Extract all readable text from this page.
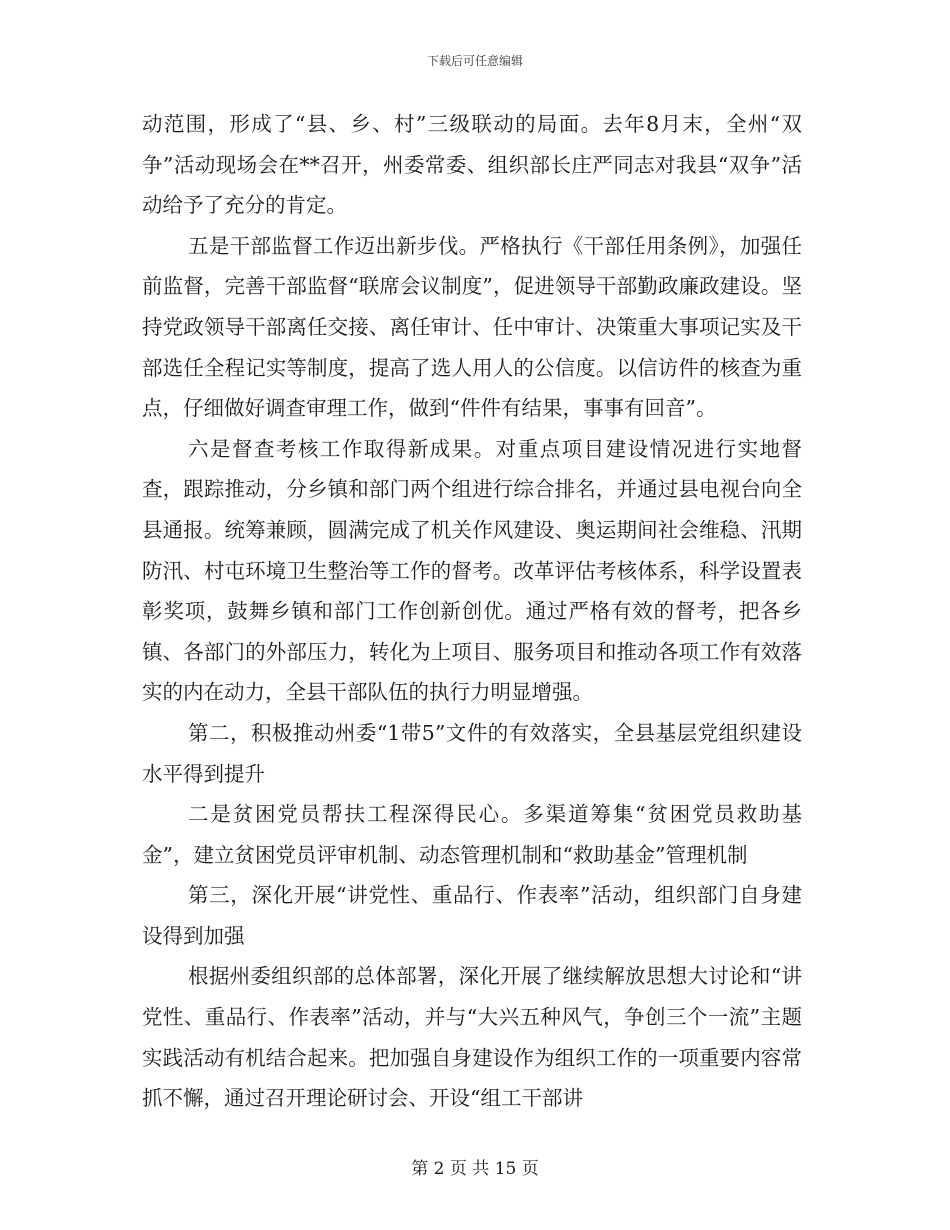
下载后可任意编辑

动范围，形成了“县、乡、村”三级联动的局面。去年8月末，全州“双争”活动现场会在**召开，州委常委、组织部长庄严同志对我县“双争”活动给予了充分的肯定。

五是干部监督工作迈出新步伐。严格执行《干部任用条例》，加强任前监督，完善干部监督“联席会议制度”，促进领导干部勤政廉政建设。坚持党政领导干部离任交接、离任审计、任中审计、决策重大事项记实及干部选任全程记实等制度，提高了选人用人的公信度。以信访件的核查为重点，仔细做好调查审理工作，做到“件件有结果，事事有回音”。

六是督查考核工作取得新成果。对重点项目建设情况进行实地督查，跟踪推动，分乡镇和部门两个组进行综合排名，并通过县电视台向全县通报。统筹兼顾，圆满完成了机关作风建设、奥运期间社会维稳、汛期防汛、村屯环境卫生整治等工作的督考。改革评估考核体系，科学设置表彰奖项，鼓舞乡镇和部门工作创新创优。通过严格有效的督考，把各乡镇、各部门的外部压力，转化为上项目、服务项目和推动各项工作有效落实的内在动力，全县干部队伍的执行力明显增强。

第二，积极推动州委“1带5”文件的有效落实，全县基层党组织建设水平得到提升

二是贫困党员帮扶工程深得民心。多渠道筹集“贫困党员救助基金”，建立贫困党员评审机制、动态管理机制和“救助基金”管理机制

第三，深化开展“讲党性、重品行、作表率”活动，组织部门自身建设得到加强

根据州委组织部的总体部署，深化开展了继续解放思想大讨论和“讲党性、重品行、作表率”活动，并与“大兴五种风气，争创三个一流”主题实践活动有机结合起来。把加强自身建设作为组织工作的一项重要内容常抓不懈，通过召开理论研讨会、开设“组工干部讲

第 2 页 共 15 页
